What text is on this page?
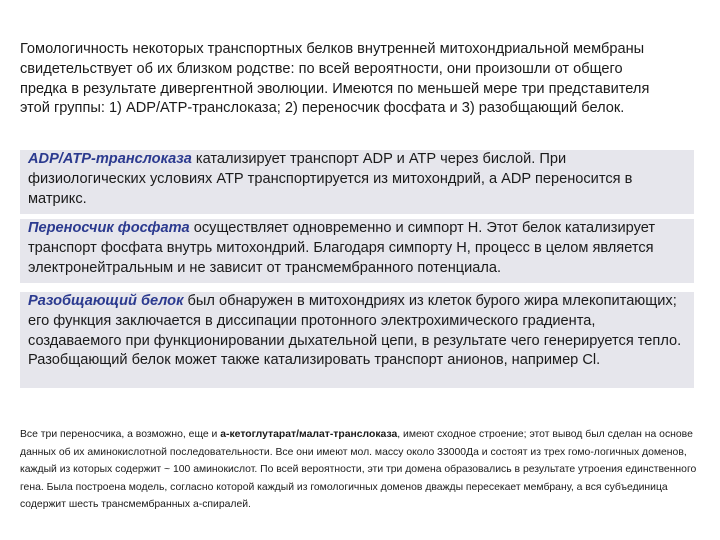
Гомологичность некоторых транспортных белков внутренней митохондриальной мембраны свидетельствует об их близком родстве: по всей вероятности, они произошли от общего предка в результате дивергентной эволюции. Имеются по меньшей мере три представителя этой группы: 1) ADP/ATP-транслоказа; 2) переносчик фосфата и 3) разобщающий белок.

ADP/ATP-транслоказа катализирует транспорт ADP и АТР через бислой. При физиологических условиях АТР транспортируется из митохондрий, а ADP переносится в матрикс.

Переносчик фосфата осуществляет одновременно и симпорт Н. Этот белок катализирует транспорт фосфата внутрь митохондрий. Благодаря симпорту Н, процесс в целом является электронейтральным и не зависит от трансмембранного потенциала.

Разобщающий белок был обнаружен в митохондриях из клеток бурого жира млекопитающих; его функция заключается в диссипации протонного электрохимического градиента, создаваемого при функционировании дыхательной цепи, в результате чего генерируется тепло. Разобщающий белок может также катализировать транспорт анионов, например Cl.

Все три переносчика, а возможно, еще и а-кетоглутарат/малат-транслоказа, имеют сходное строение; этот вывод был сделан на основе данных об их аминокислотной последовательности. Все они имеют мол. массу около 33000Да и состоят из трех гомо-логичных доменов, каждый из которых содержит ~ 100 аминокислот. По всей вероятности, эти три домена образовались в результате утроения единственного гена. Была построена модель, согласно которой каждый из гомологичных доменов дважды пересекает мембрану, а вся субъединица содержит шесть трансмембранных а-спиралей.
